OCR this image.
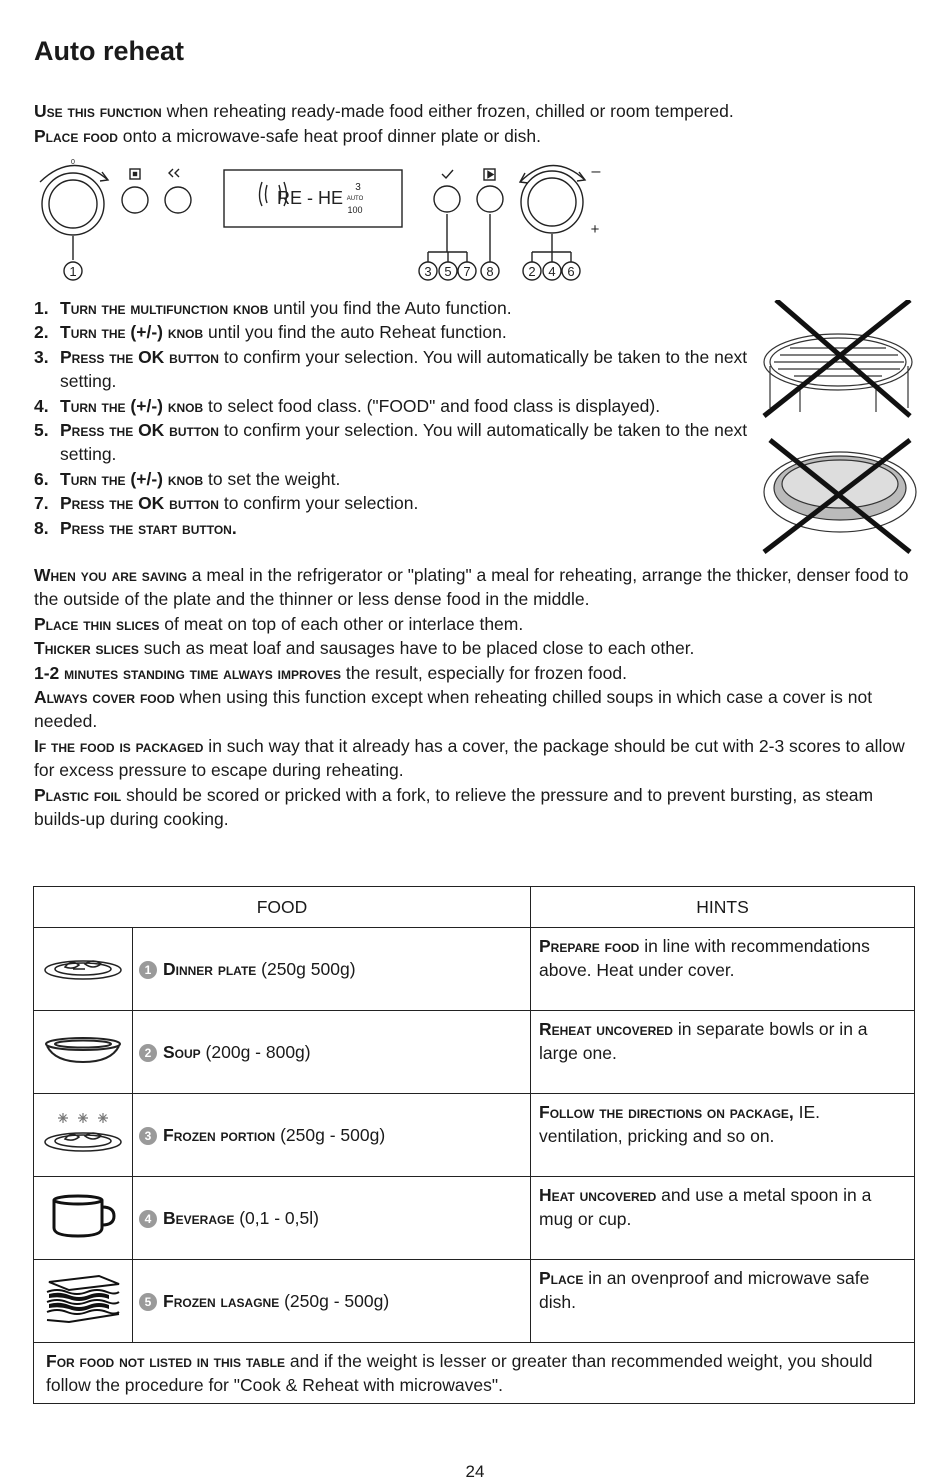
Auto reheat
Use this function when reheating ready-made food either frozen, chilled or room tempered.
Place food onto a microwave-safe heat proof dinner plate or dish.
0
RE - HE
3
AUTO
100
–
+
1	3 5 7 8	2 4 6
1. Turn the multifunction knob until you find the Auto function.
2. Turn the (+/-) knob until you find the auto Reheat function.
3. Press the OK button to confirm your selection. You will automatically be taken to the next setting.
4. Turn the (+/-) knob to select food class. ("FOOD" and food class is displayed).
5. Press the OK button to confirm your selection. You will automatically be taken to the next setting.
6. Turn the (+/-) knob to set the weight.
7. Press the OK button to confirm your selection.
8. Press the start button.

When you are saving a meal in the refrigerator or "plating" a meal for reheating, arrange the thicker, denser food to the outside of the plate and the thinner or less dense food in the middle.

Place thin slices of meat on top of each other or interlace them.

Thicker slices such as meat loaf and sausages have to be placed close to each other.

1-2 minutes standing time always improves the result, especially for frozen food.

Always cover food when using this function except when reheating chilled soups in which case a cover is not needed.

If the food is packaged in such way that it already has a cover, the package should be cut with 2-3 scores to allow for excess pressure to escape during reheating.

Plastic foil should be scored or pricked with a fork, to relieve the pressure and to prevent bursting, as steam builds-up during cooking.

FOOD		HINTS
	1 Dinner plate (250g 500g)	Prepare food in line with recommendations above. Heat under cover.
	2 Soup (200g - 800g)	Reheat uncovered in separate bowls or in a large one.
	3 Frozen portion (250g - 500g)	Follow the directions on package, IE. ventilation, pricking and so on.
	4 Beverage (0,1 - 0,5l)	Heat uncovered and use a metal spoon in a mug or cup.
	5 Frozen lasagne (250g - 500g)	Place in an ovenproof and microwave safe dish.
For food not listed in this table and if the weight is lesser or greater than recommended weight, you should follow the procedure for "Cook & Reheat with microwaves".		
24
